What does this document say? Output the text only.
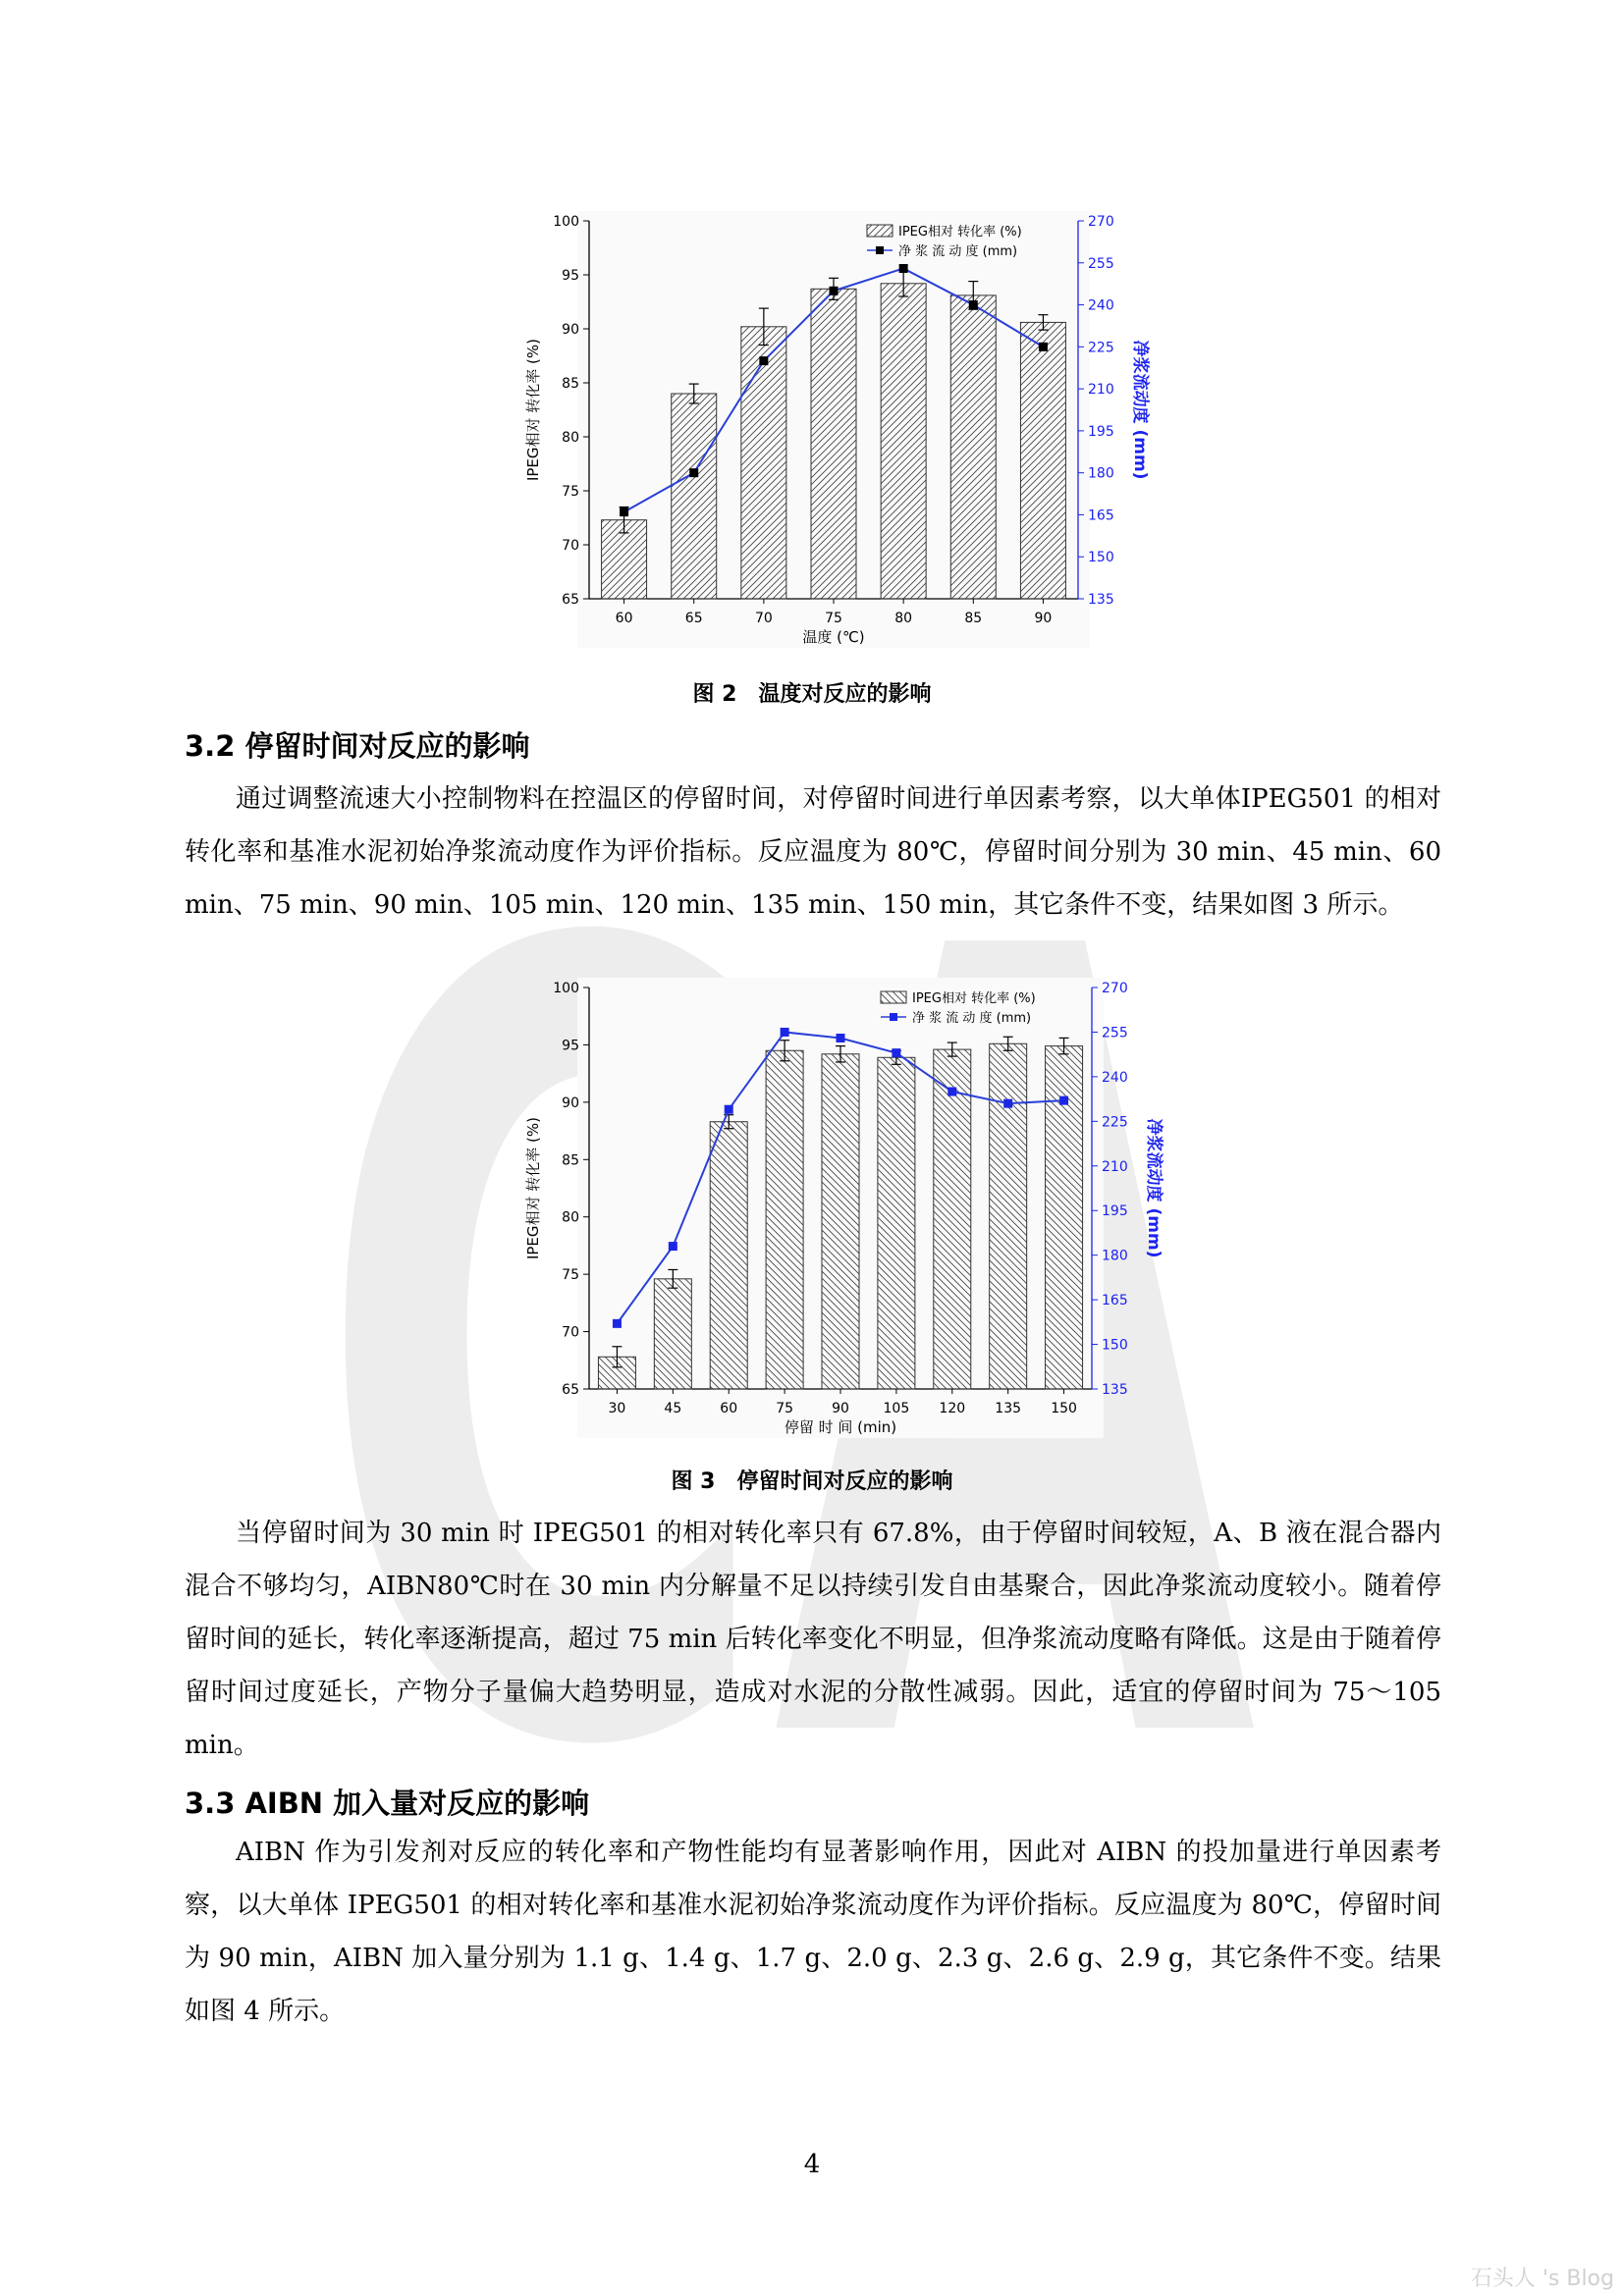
65
70
75
80
85
90
95
100
135
150
165
180
195
210
225
240
255
270
60	65	70	75	80	85	90
温度 (℃)
IPEG相对 转化率 (%)	净浆流动度 (mm)
IPEG相对 转化率 (%)
净 浆 流 动 度 (mm)
图 2　温度对反应的影响
3.2 停留时间对反应的影响

通过调整流速大小控制物料在控温区的停留时间，对停留时间进行单因素考察，以大单体IPEG501 的相对转化率和基准水泥初始净浆流动度作为评价指标。反应温度为 80℃，停留时间分别为 30 min、45 min、60 min、75 min、90 min、105 min、120 min、135 min、150 min，其它条件不变，结果如图 3 所示。

65
70
75
80
85
90
95
100
135
150
165
180
195
210
225
240
255
270
30	45	60	75	90 105 120 135 150
停留 时 间 (min)
IPEG相对 转化率 (%)	净浆流动度 (mm)
IPEG相对 转化率 (%)
净 浆 流 动 度 (mm)
图 3　停留时间对反应的影响

当停留时间为 30 min 时 IPEG501 的相对转化率只有 67.8%，由于停留时间较短，A、B 液在混合器内混合不够均匀，AIBN80℃时在 30 min 内分解量不足以持续引发自由基聚合，因此净浆流动度较小。随着停留时间的延长，转化率逐渐提高，超过 75 min 后转化率变化不明显，但净浆流动度略有降低。这是由于随着停留时间过度延长，产物分子量偏大趋势明显，造成对水泥的分散性减弱。因此，适宜的停留时间为 75～105 min。

3.3 AIBN 加入量对反应的影响

AIBN 作为引发剂对反应的转化率和产物性能均有显著影响作用，因此对 AIBN 的投加量进行单因素考察，以大单体 IPEG501 的相对转化率和基准水泥初始净浆流动度作为评价指标。反应温度为 80℃，停留时间为 90 min，AIBN 加入量分别为 1.1 g、1.4 g、1.7 g、2.0 g、2.3 g、2.6 g、2.9 g，其它条件不变。结果如图 4 所示。

4
石头人 's Blog
